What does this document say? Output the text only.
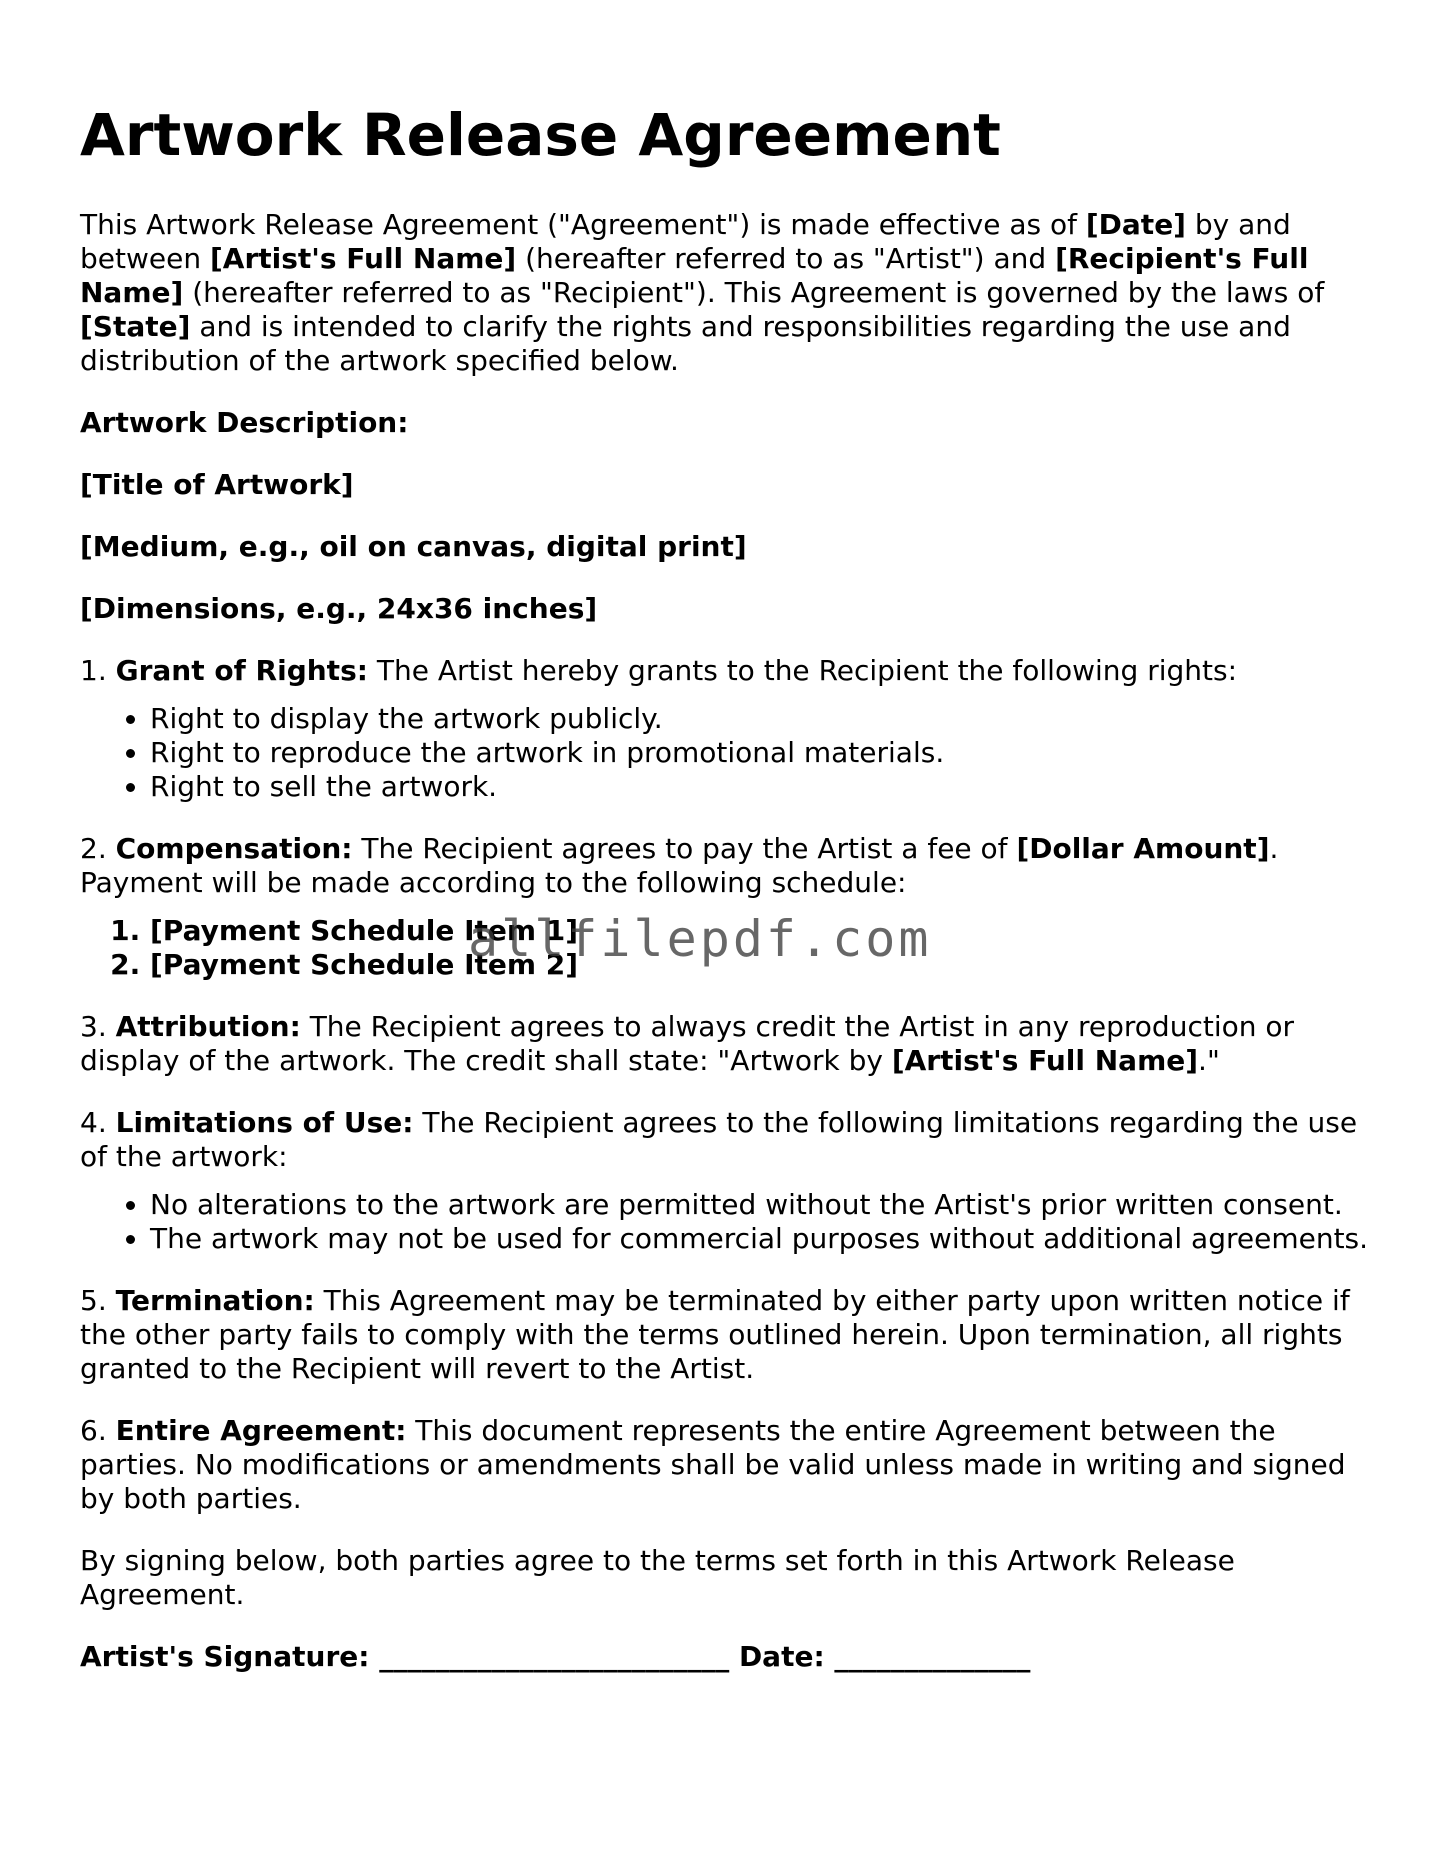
Artwork Release Agreement

This Artwork Release Agreement ("Agreement") is made effective as of [Date] by and between [Artist's Full Name] (hereafter referred to as "Artist") and [Recipient's Full Name] (hereafter referred to as "Recipient"). This Agreement is governed by the laws of [State] and is intended to clarify the rights and responsibilities regarding the use and distribution of the artwork specified below.

Artwork Description:

[Title of Artwork]

[Medium, e.g., oil on canvas, digital print]

[Dimensions, e.g., 24x36 inches]

1. Grant of Rights: The Artist hereby grants to the Recipient the following rights:

• Right to display the artwork publicly.
• Right to reproduce the artwork in promotional materials.
• Right to sell the artwork.

2. Compensation: The Recipient agrees to pay the Artist a fee of [Dollar Amount]. Payment will be made according to the following schedule:

1. [Payment Schedule Item 1]
2. [Payment Schedule Item 2]

3. Attribution: The Recipient agrees to always credit the Artist in any reproduction or display of the artwork. The credit shall state: "Artwork by [Artist's Full Name]."

4. Limitations of Use: The Recipient agrees to the following limitations regarding the use of the artwork:

• No alterations to the artwork are permitted without the Artist's prior written consent.
• The artwork may not be used for commercial purposes without additional agreements.

5. Termination: This Agreement may be terminated by either party upon written notice if the other party fails to comply with the terms outlined herein. Upon termination, all rights granted to the Recipient will revert to the Artist.

6. Entire Agreement: This document represents the entire Agreement between the parties. No modifications or amendments shall be valid unless made in writing and signed by both parties.

By signing below, both parties agree to the terms set forth in this Artwork Release Agreement.

Artist's Signature: _________________________ Date: ______________

allfilepdf.com
